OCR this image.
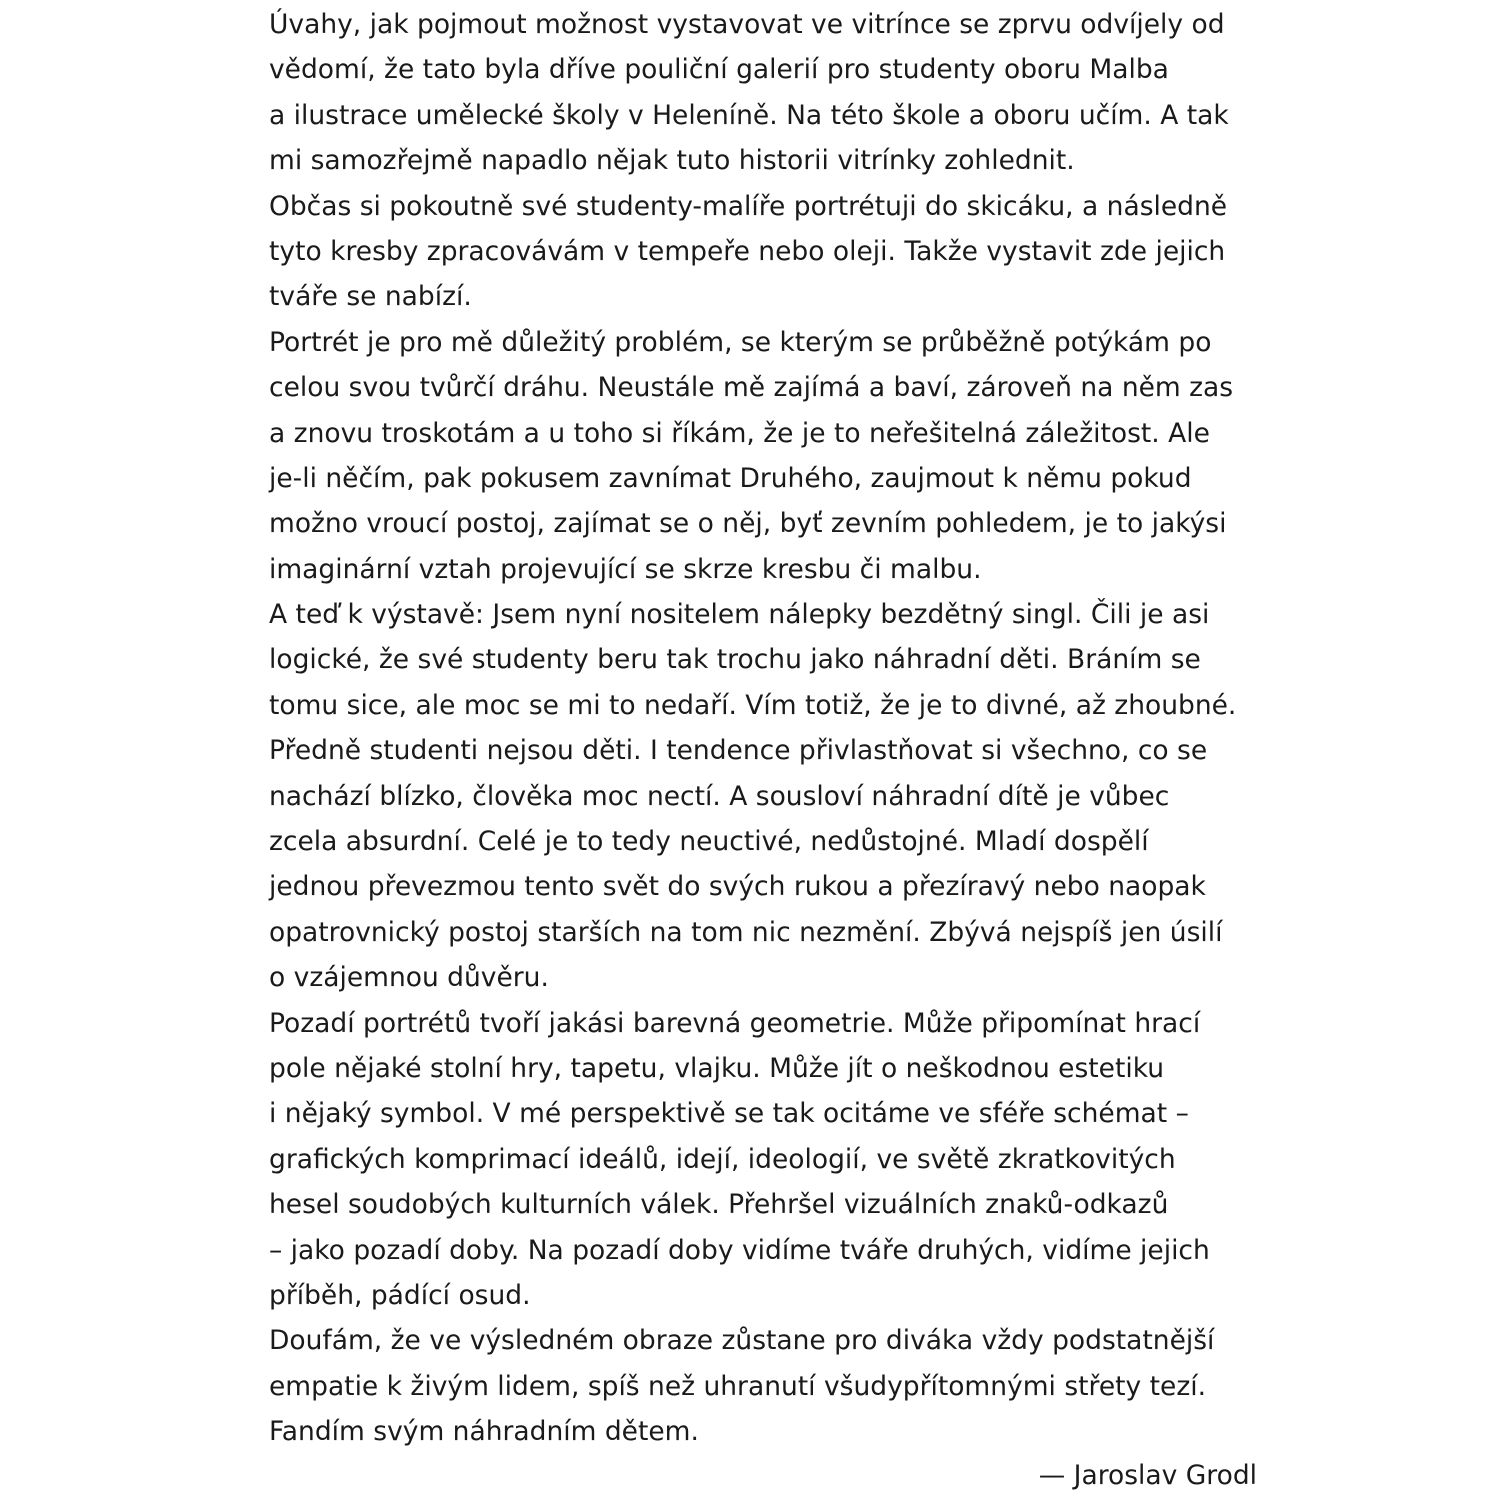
Úvahy, jak pojmout možnost vystavovat ve vitrínce se zprvu odvíjely od
vědomí, že tato byla dříve pouliční galerií pro studenty oboru Malba
a ilustrace umělecké školy v Heleníně. Na této škole a oboru učím. A tak
mi samozřejmě napadlo nějak tuto historii vitrínky zohlednit.
Občas si pokoutně své studenty-malíře portrétuji do skicáku, a následně
tyto kresby zpracovávám v tempeře nebo oleji. Takže vystavit zde jejich
tváře se nabízí.
Portrét je pro mě důležitý problém, se kterým se průběžně potýkám po
celou svou tvůrčí dráhu. Neustále mě zajímá a baví, zároveň na něm zas
a znovu troskotám a u toho si říkám, že je to neřešitelná záležitost. Ale
je-li něčím, pak pokusem zavnímat Druhého, zaujmout k němu pokud
možno vroucí postoj, zajímat se o něj, byť zevním pohledem, je to jakýsi
imaginární vztah projevující se skrze kresbu či malbu.
A teď k výstavě: Jsem nyní nositelem nálepky bezdětný singl. Čili je asi
logické, že své studenty beru tak trochu jako náhradní děti. Bráním se
tomu sice, ale moc se mi to nedaří. Vím totiž, že je to divné, až zhoubné.
Předně studenti nejsou děti. I tendence přivlastňovat si všechno, co se
nachází blízko, člověka moc nectí. A sousloví náhradní dítě je vůbec
zcela absurdní. Celé je to tedy neuctivé, nedůstojné. Mladí dospělí
jednou převezmou tento svět do svých rukou a přezíravý nebo naopak
opatrovnický postoj starších na tom nic nezmění. Zbývá nejspíš jen úsilí
o vzájemnou důvěru.
Pozadí portrétů tvoří jakási barevná geometrie. Může připomínat hrací
pole nějaké stolní hry, tapetu, vlajku. Může jít o neškodnou estetiku
i nějaký symbol. V mé perspektivě se tak ocitáme ve sféře schémat –
grafických komprimací ideálů, idejí, ideologií, ve světě zkratkovitých
hesel soudobých kulturních válek. Přehršel vizuálních znaků-odkazů
– jako pozadí doby. Na pozadí doby vidíme tváře druhých, vidíme jejich
příběh, pádící osud.
Doufám, že ve výsledném obraze zůstane pro diváka vždy podstatnější
empatie k živým lidem, spíš než uhranutí všudypřítomnými střety tezí.
Fandím svým náhradním dětem.
— Jaroslav Grodl
